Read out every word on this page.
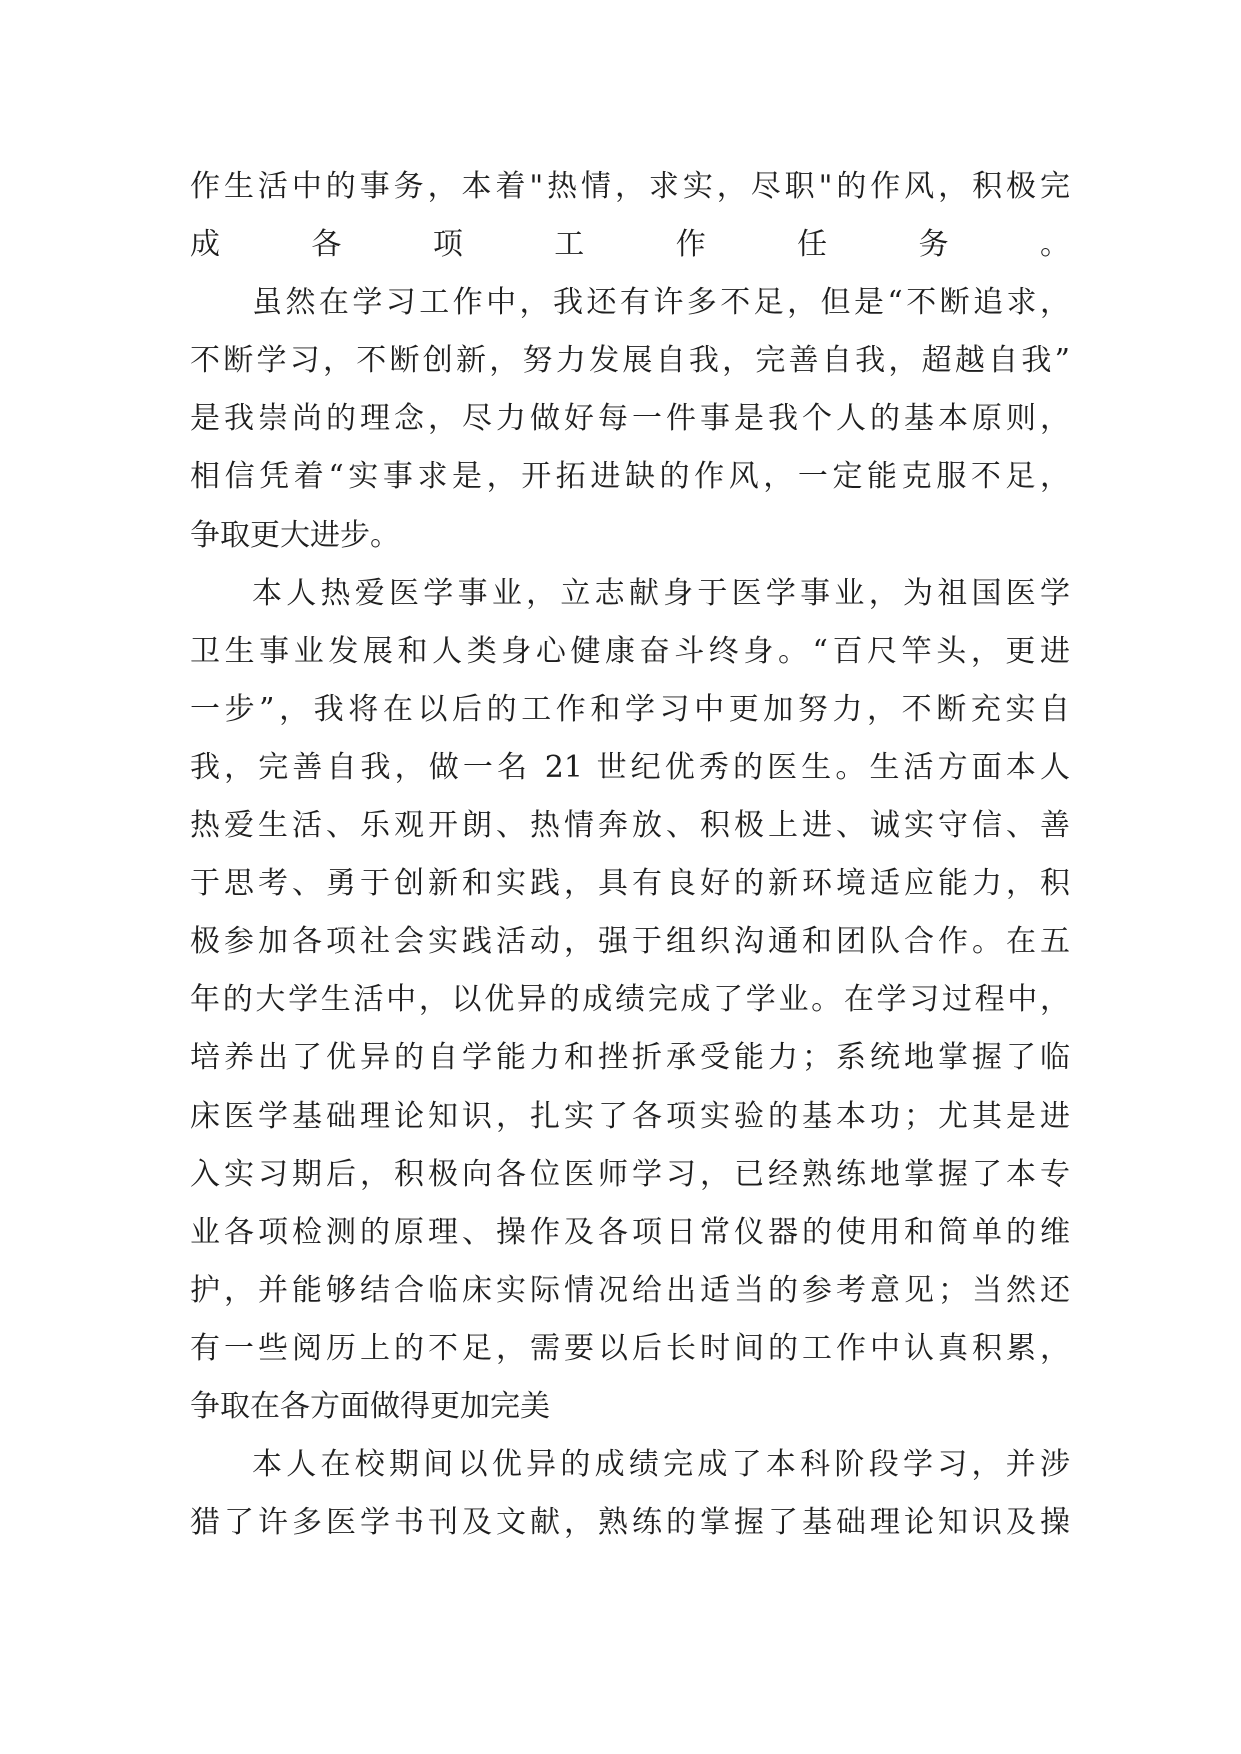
作生活中的事务，本着"热情，求实，尽职"的作风，积极完
成各项工作任务。
虽然在学习工作中，我还有许多不足，但是“不断追求，
不断学习，不断创新，努力发展自我，完善自我，超越自我”
是我崇尚的理念，尽力做好每一件事是我个人的基本原则，
相信凭着“实事求是，开拓进缺的作风，一定能克服不足，
争取更大进步。
本人热爱医学事业，立志献身于医学事业，为祖国医学
卫生事业发展和人类身心健康奋斗终身。“百尺竿头，更进
一步”，我将在以后的工作和学习中更加努力，不断充实自
我，完善自我，做一名 21 世纪优秀的医生。生活方面本人
热爱生活、乐观开朗、热情奔放、积极上进、诚实守信、善
于思考、勇于创新和实践，具有良好的新环境适应能力，积
极参加各项社会实践活动，强于组织沟通和团队合作。在五
年的大学生活中，以优异的成绩完成了学业。在学习过程中，
培养出了优异的自学能力和挫折承受能力；系统地掌握了临
床医学基础理论知识，扎实了各项实验的基本功；尤其是进
入实习期后，积极向各位医师学习，已经熟练地掌握了本专
业各项检测的原理、操作及各项日常仪器的使用和简单的维
护，并能够结合临床实际情况给出适当的参考意见；当然还
有一些阅历上的不足，需要以后长时间的工作中认真积累，
争取在各方面做得更加完美
本人在校期间以优异的成绩完成了本科阶段学习，并涉
猎了许多医学书刊及文献，熟练的掌握了基础理论知识及操
